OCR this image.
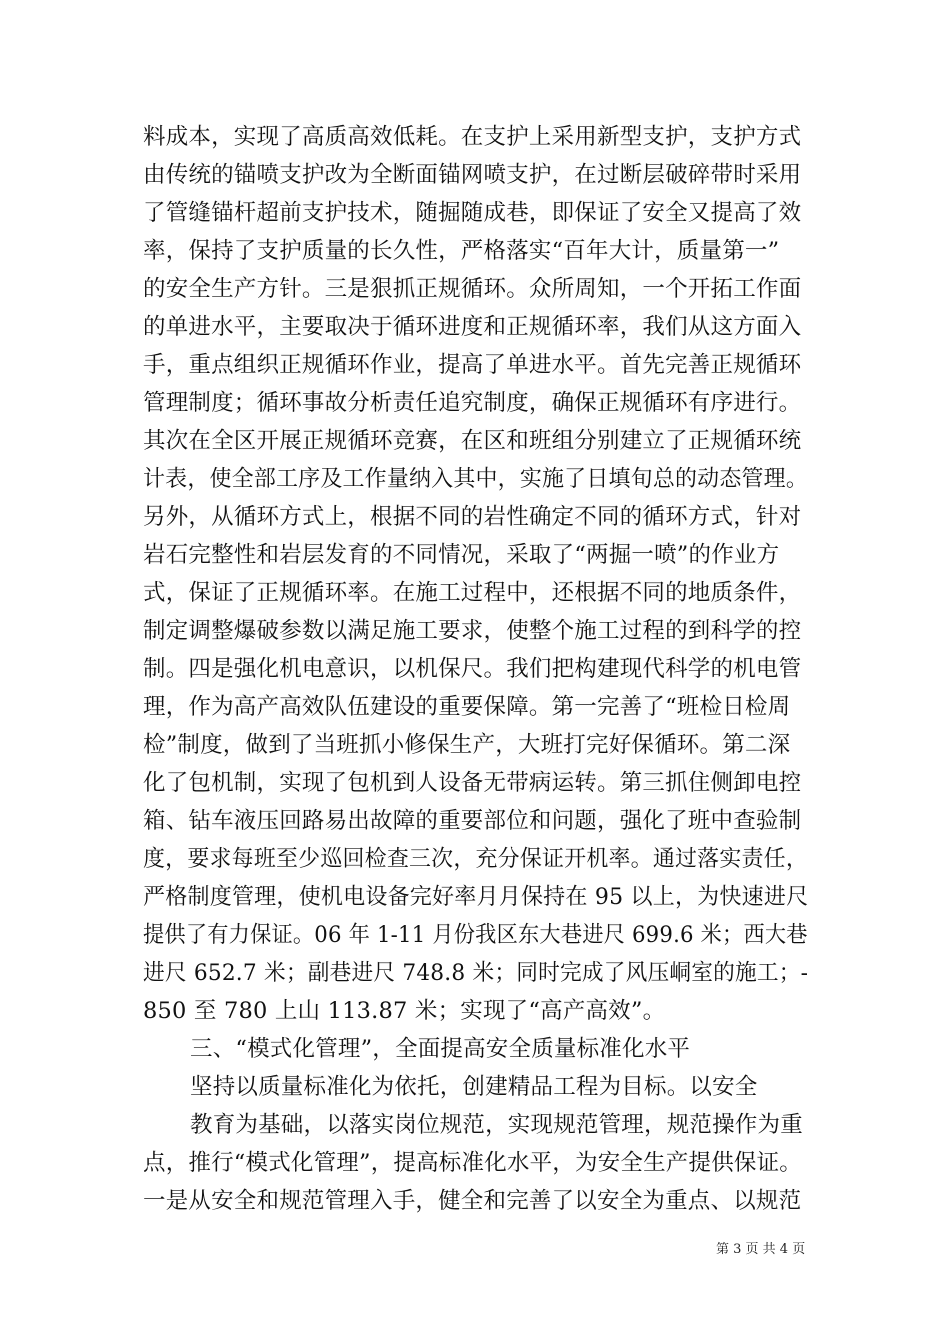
料成本，实现了高质高效低耗。在支护上采用新型支护，支护方式
由传统的锚喷支护改为全断面锚网喷支护，在过断层破碎带时采用
了管缝锚杆超前支护技术，随掘随成巷，即保证了安全又提高了效
率，保持了支护质量的长久性，严格落实“百年大计，质量第一”
的安全生产方针。三是狠抓正规循环。众所周知，一个开拓工作面
的单进水平，主要取决于循环进度和正规循环率，我们从这方面入
手，重点组织正规循环作业，提高了单进水平。首先完善正规循环
管理制度；循环事故分析责任追究制度，确保正规循环有序进行。
其次在全区开展正规循环竞赛，在区和班组分别建立了正规循环统
计表，使全部工序及工作量纳入其中，实施了日填旬总的动态管理。
另外，从循环方式上，根据不同的岩性确定不同的循环方式，针对
岩石完整性和岩层发育的不同情况，采取了“两掘一喷”的作业方
式，保证了正规循环率。在施工过程中，还根据不同的地质条件，
制定调整爆破参数以满足施工要求，使整个施工过程的到科学的控
制。四是强化机电意识，以机保尺。我们把构建现代科学的机电管
理，作为高产高效队伍建设的重要保障。第一完善了“班检日检周
检”制度，做到了当班抓小修保生产，大班打完好保循环。第二深
化了包机制，实现了包机到人设备无带病运转。第三抓住侧卸电控
箱、钻车液压回路易出故障的重要部位和问题，强化了班中查验制
度，要求每班至少巡回检查三次，充分保证开机率。通过落实责任，
严格制度管理，使机电设备完好率月月保持在 95 以上，为快速进尺
提供了有力保证。06 年 1-11 月份我区东大巷进尺 699.6 米；西大巷
进尺 652.7 米；副巷进尺 748.8 米；同时完成了风压峒室的施工；-
850 至 780 上山 113.87 米；实现了“高产高效”。
三、“模式化管理”，全面提高安全质量标准化水平
坚持以质量标准化为依托，创建精品工程为目标。以安全
教育为基础，以落实岗位规范，实现规范管理，规范操作为重
点，推行“模式化管理”，提高标准化水平，为安全生产提供保证。
一是从安全和规范管理入手，健全和完善了以安全为重点、以规范
第 3 页 共 4 页
